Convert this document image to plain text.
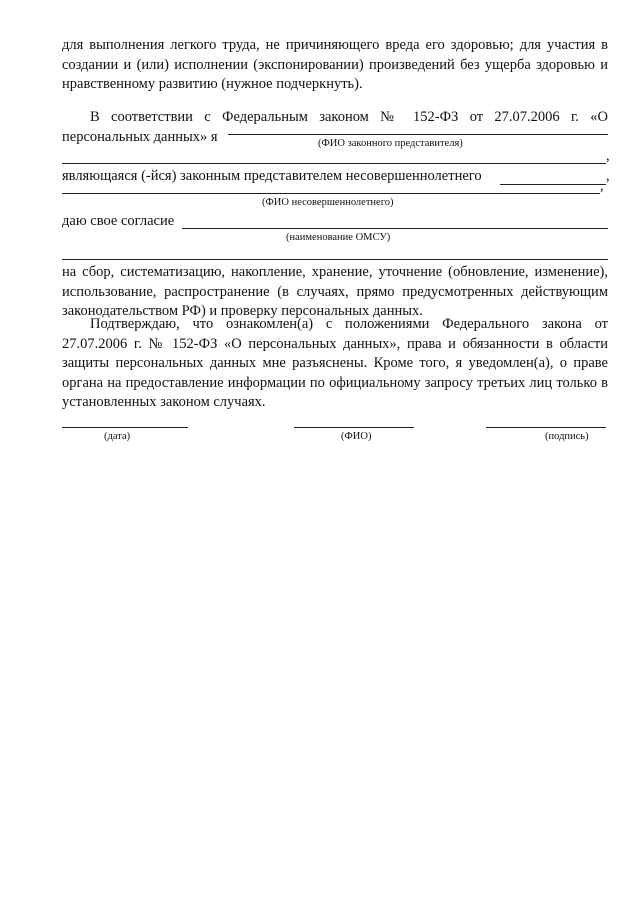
для выполнения легкого труда, не причиняющего вреда его здоровью; для участия в создании и (или) исполнении (экспонировании) произведений без ущерба здоровью и нравственному развитию (нужное подчеркнуть).
В соответствии с Федеральным законом № 152-ФЗ от 27.07.2006 г. «О персональных данных» я	(ФИО законного представителя)
,
являющаяся (-йся) законным представителем несовершеннолетнего	,
,
(ФИО несовершеннолетнего)
даю свое согласие
(наименование ОМСУ)
на сбор, систематизацию, накопление, хранение, уточнение (обновление, изменение), использование, распространение (в случаях, прямо предусмотренных действующим законодательством РФ) и проверку персональных данных.
Подтверждаю, что ознакомлен(а) с положениями Федерального закона от 27.07.2006 г. № 152-ФЗ «О персональных данных», права и обязанности в области защиты персональных данных мне разъяснены. Кроме того, я уведомлен(а), о праве органа на предоставление информации по официальному запросу третьих лиц только в установленных законом случаях.
(дата)	(ФИО)	(подпись)
